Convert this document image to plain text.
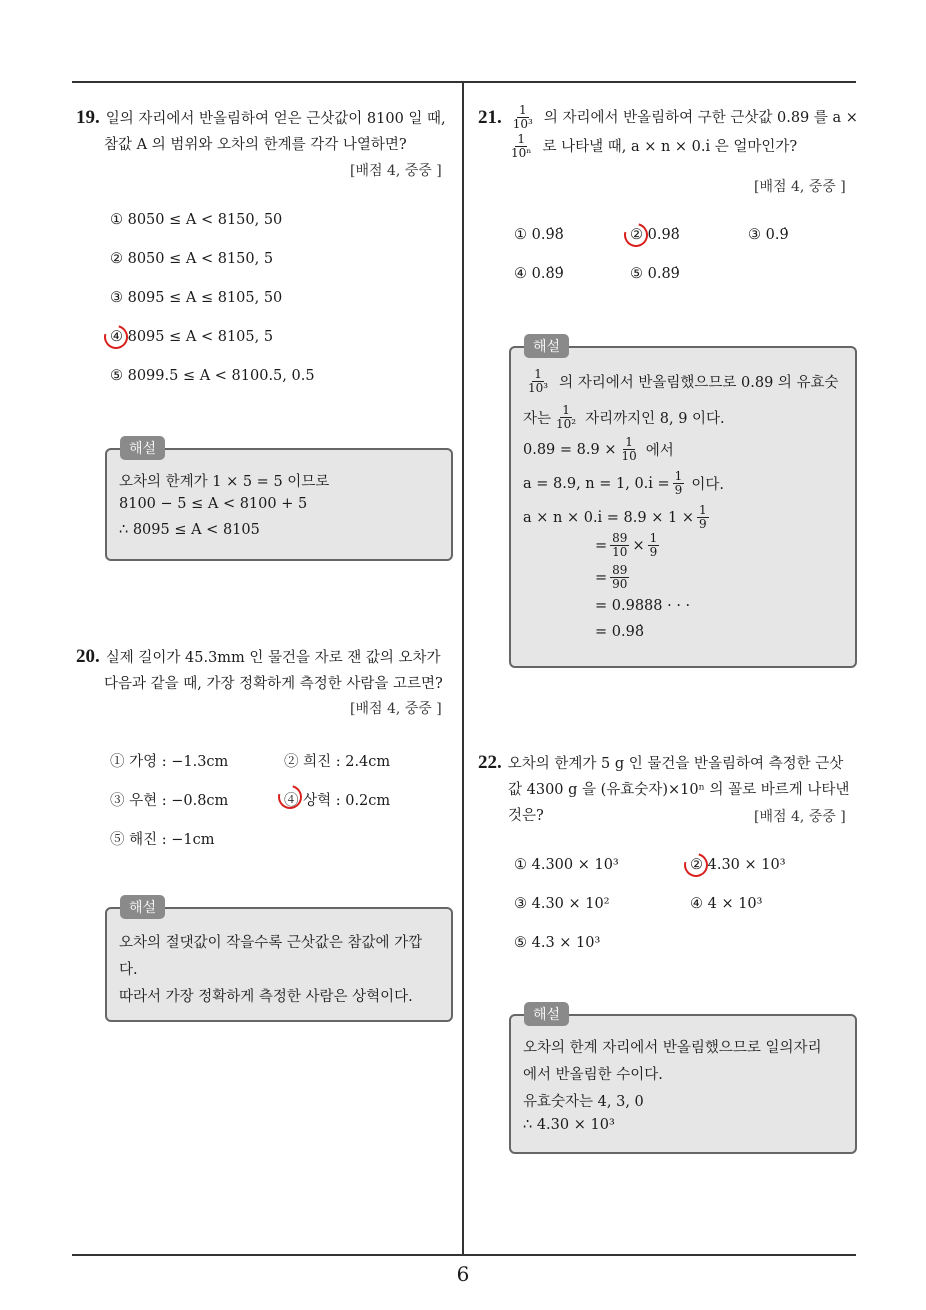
19. 일의 자리에서 반올림하여 얻은 근삿값이 8100 일 때,
참값 A 의 범위와 오차의 한계를 각각 나열하면?
[배점 4, 중중 ]
① 8050 ≤ A < 8150, 50
② 8050 ≤ A < 8150, 5
③ 8095 ≤ A ≤ 8105, 50
④ 8095 ≤ A < 8105, 5
⑤ 8099.5 ≤ A < 8100.5, 0.5
오차의 한계가 1 × 5 = 5 이므로
8100 − 5 ≤ A < 8100 + 5
∴ 8095 ≤ A < 8105
해설
20. 실제 길이가 45.3mm 인 물건을 자로 잰 값의 오차가
다음과 같을 때, 가장 정확하게 측정한 사람을 고르면?
[배점 4, 중중 ]
① 가영 : −1.3cm	② 희진 : 2.4cm
③ 우현 : −0.8cm	④ 상혁 : 0.2cm
⑤ 해진 : −1cm
오차의 절댓값이 작을수록 근삿값은 참값에 가깝
다.
따라서 가장 정확하게 측정한 사람은 상혁이다.
해설
21. $\frac{1}{\text{10³}}$ 의 자리에서 반올림하여 구한 근삿값 0.89 를 a ×
$\frac{1}{\text{10ⁿ}}$ 로 나타낼 때, a × n × 0.i̇ 은 얼마인가?
[배점 4, 중중 ]
① 0.9̇8̇	② 0.98̇	③ 0.9̇
④ 0.8̇9̇	⑤ 0.89̇
$\frac{1}{\text{10³}}$ 의 자리에서 반올림했으므로 0.89 의 유효숫
자는 $\frac{1}{\text{10²}}$ 자리까지인 8, 9 이다.
$0.89 = 8.9 \times \frac{1}{10}$ 에서
a = 8.9, n = 1, 0.i̇ = $\frac{1}{9}$ 이다.
a × n × 0.i̇ = $8.9 \times 1 \times \frac{1}{9}$
= $\frac{89}{10} \times \frac{1}{9}$
= $\frac{89}{90}$
= 0.9888 · · ·
= 0.98̇
해설
22. 오차의 한계가 5 g 인 물건을 반올림하여 측정한 근삿
값 4300 g 을 (유효숫자)×10ⁿ 의 꼴로 바르게 나타낸
것은?	[배점 4, 중중 ]
① 4.300 × 10³	② 4.30 × 10³
③ 4.30 × 10²	④ 4 × 10³
⑤ 4.3 × 10³
오차의 한계 자리에서 반올림했으므로 일의자리
에서 반올림한 수이다.
유효숫자는 4, 3, 0
∴ 4.30 × 10³
해설
6
